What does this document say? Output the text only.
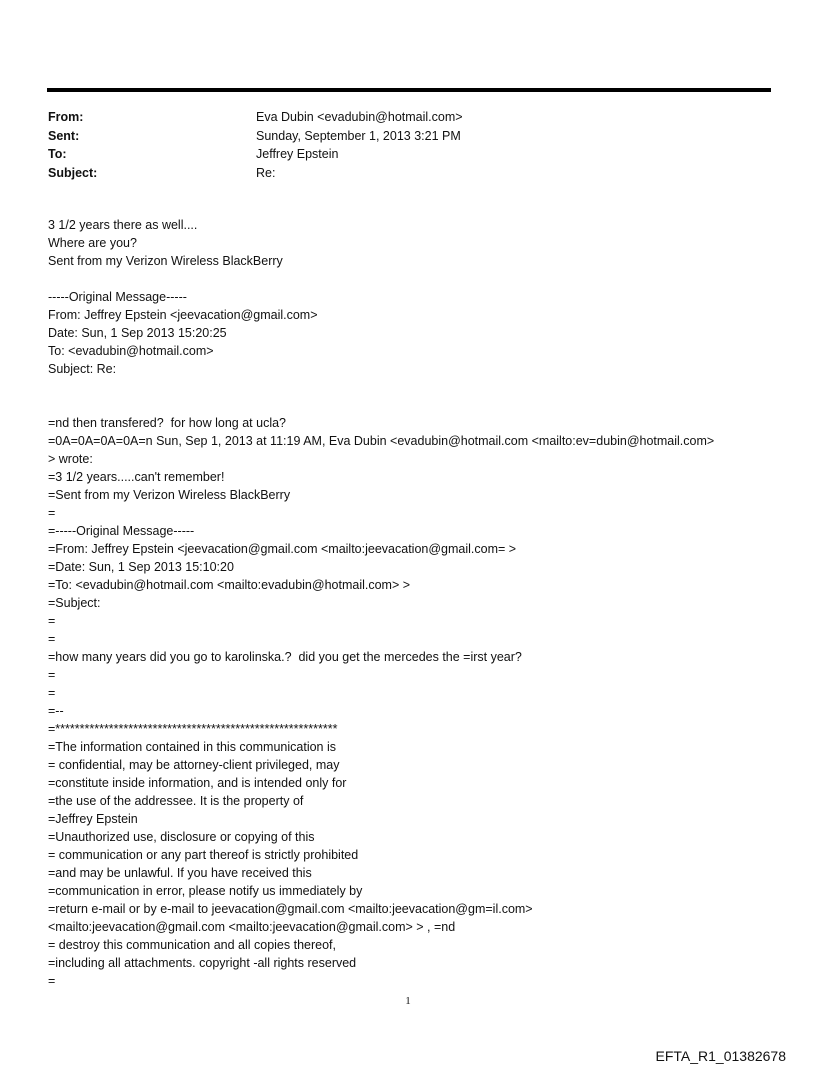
From:	Eva Dubin <evadubin@hotmail.com>
Sent:	Sunday, September 1, 2013 3:21 PM
To:	Jeffrey Epstein
Subject:	Re:
3 1/2 years there as well....
Where are you?
Sent from my Verizon Wireless BlackBerry
-----Original Message-----
From: Jeffrey Epstein <jeevacation@gmail.com>
Date: Sun, 1 Sep 2013 15:20:25
To: <evadubin@hotmail.com>
Subject: Re:
=nd then transfered?  for how long at ucla?
=0A=0A=0A=0A=n Sun, Sep 1, 2013 at 11:19 AM, Eva Dubin <evadubin@hotmail.com <mailto:ev=dubin@hotmail.com>
> wrote:
=3 1/2 years.....can't remember!
=Sent from my Verizon Wireless BlackBerry
=
=-----Original Message-----
=From: Jeffrey Epstein <jeevacation@gmail.com <mailto:jeevacation@gmail.com= >
=Date: Sun, 1 Sep 2013 15:10:20
=To: <evadubin@hotmail.com <mailto:evadubin@hotmail.com> >
=Subject:
=
=
=how many years did you go to karolinska.?  did you get the mercedes the =irst year?
=
=
=--
=**********************************************************
=The information contained in this communication is
= confidential, may be attorney-client privileged, may
=constitute inside information, and is intended only for
=the use of the addressee. It is the property of
=Jeffrey Epstein
=Unauthorized use, disclosure or copying of this
= communication or any part thereof is strictly prohibited
=and may be unlawful. If you have received this
=communication in error, please notify us immediately by
=return e-mail or by e-mail to jeevacation@gmail.com <mailto:jeevacation@gm=il.com>
<mailto:jeevacation@gmail.com <mailto:jeevacation@gmail.com> > , =nd
= destroy this communication and all copies thereof,
=including all attachments. copyright -all rights reserved
=
1
EFTA_R1_01382678
